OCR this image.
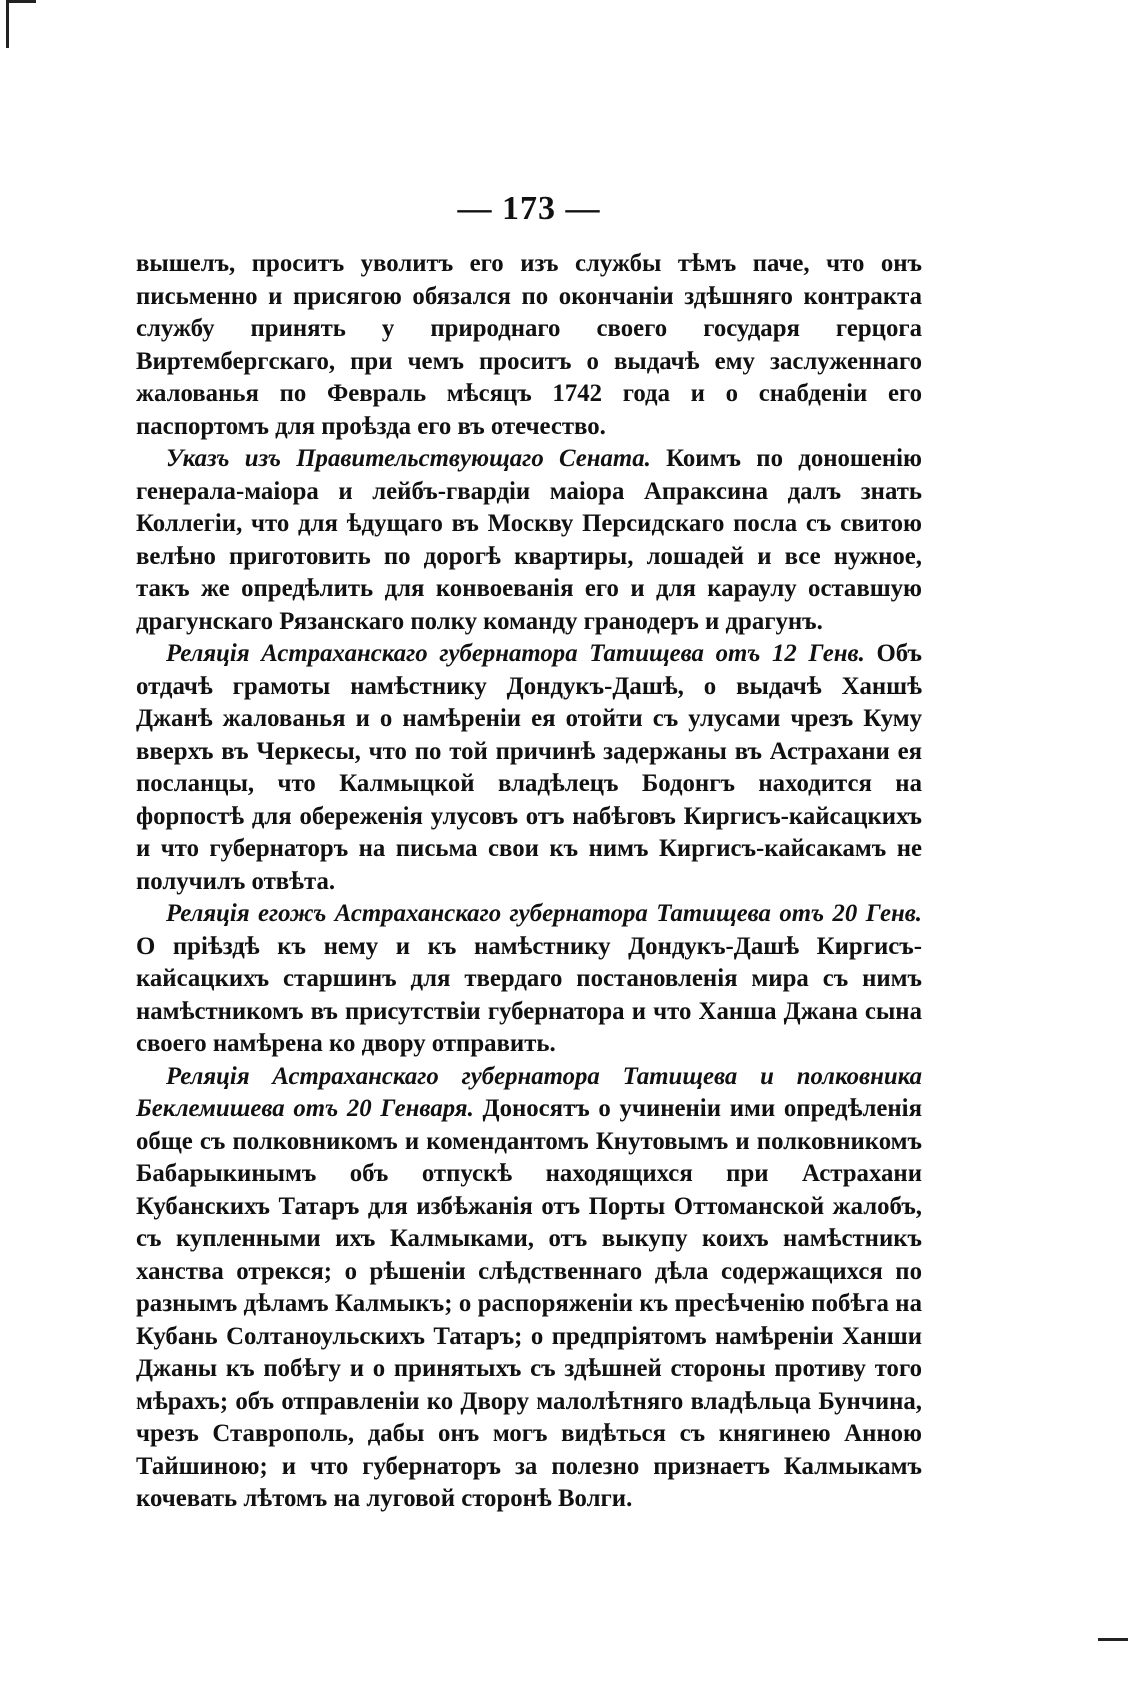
— 173 —

вышелъ, проситъ уволитъ его изъ службы тѣмъ паче, что онъ письменно и присягою обязался по окончаніи здѣшняго контракта службу принять у природнаго своего государя герцога Виртембергскаго, при чемъ проситъ о выдачѣ ему заслуженнаго жалованья по Февраль мѣсяцъ 1742 года и о снабденіи его паспортомъ для проѣзда его въ отечество.

Указъ изъ Правительствующаго Сената. Коимъ по доношенію генерала-маіора и лейбъ-гвардіи маіора Апраксина далъ знать Коллегіи, что для ѣдущаго въ Москву Персидскаго посла съ свитою велѣно приготовить по дорогѣ квартиры, лошадей и все нужное, такъ же опредѣлить для конвоеванія его и для караулу оставшую драгунскаго Рязанскаго полку команду гранодеръ и драгунъ.

Реляція Астраханскаго губернатора Татищева отъ 12 Генв. Объ отдачѣ грамоты намѣстнику Дондукъ-Дашѣ, о выдачѣ Ханшѣ Джанѣ жалованья и о намѣреніи ея отойти съ улусами чрезъ Куму вверхъ въ Черкесы, что по той причинѣ задержаны въ Астрахани ея посланцы, что Калмыцкой владѣлецъ Бодонгъ находится на форпостѣ для обереженія улусовъ отъ набѣговъ Киргисъ-кайсацкихъ и что губернаторъ на письма свои къ нимъ Киргисъ-кайсакамъ не получилъ отвѣта.

Реляція егожъ Астраханскаго губернатора Татищева отъ 20 Генв. О пріѣздѣ къ нему и къ намѣстнику Дондукъ-Дашѣ Киргисъ-кайсацкихъ старшинъ для твердаго постановленія мира съ нимъ намѣстникомъ въ присутствіи губернатора и что Ханша Джана сына своего намѣрена ко двору отправить.

Реляція Астраханскаго губернатора Татищева и полковника Беклемишева отъ 20 Генваря. Доносятъ о учиненіи ими опредѣленія обще съ полковникомъ и комендантомъ Кнутовымъ и полковникомъ Бабарыкинымъ объ отпускѣ находящихся при Астрахани Кубанскихъ Татаръ для избѣжанія отъ Порты Оттоманской жалобъ, съ купленными ихъ Калмыками, отъ выкупу коихъ намѣстникъ ханства отрекся; о рѣшеніи слѣдственнаго дѣла содержащихся по разнымъ дѣламъ Калмыкъ; о распоряженіи къ пресѣченію побѣга на Кубань Солтаноульскихъ Татаръ; о предпріятомъ намѣреніи Ханши Джаны къ побѣгу и о принятыхъ съ здѣшней стороны противу того мѣрахъ; объ отправленіи ко Двору малолѣтняго владѣльца Бунчина, чрезъ Ставрополь, дабы онъ могъ видѣться съ княгинею Анною Тайшиною; и что губернаторъ за полезно признаетъ Калмыкамъ кочевать лѣтомъ на луговой сторонѣ Волги.
